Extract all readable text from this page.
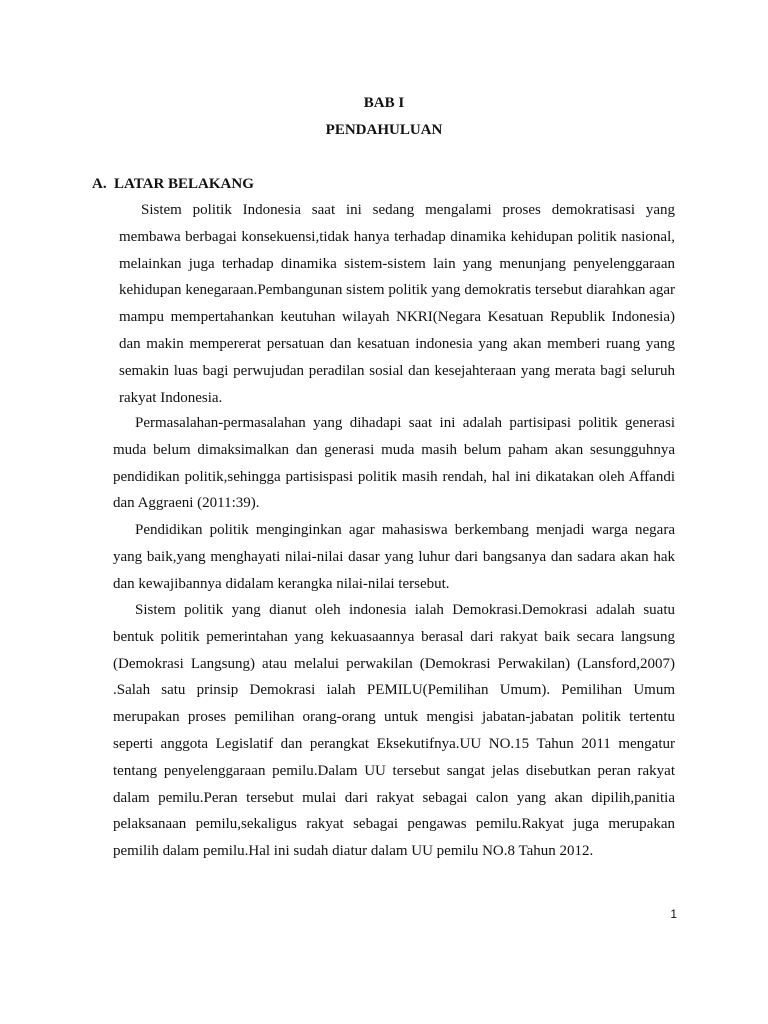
BAB I
PENDAHULUAN
A. LATAR BELAKANG

Sistem politik Indonesia saat ini sedang mengalami proses demokratisasi yang membawa berbagai konsekuensi,tidak hanya terhadap dinamika kehidupan politik nasional, melainkan juga terhadap dinamika sistem-sistem lain yang menunjang penyelenggaraan kehidupan kenegaraan.Pembangunan sistem politik yang demokratis tersebut diarahkan agar mampu mempertahankan keutuhan wilayah NKRI(Negara Kesatuan Republik Indonesia) dan makin mempererat persatuan dan kesatuan indonesia yang akan memberi ruang yang semakin luas bagi perwujudan peradilan sosial dan kesejahteraan yang merata bagi seluruh rakyat Indonesia.

Permasalahan-permasalahan yang dihadapi saat ini adalah partisipasi politik generasi muda belum dimaksimalkan dan generasi muda masih belum paham akan sesungguhnya pendidikan politik,sehingga partisispasi politik masih rendah, hal ini dikatakan oleh Affandi dan Aggraeni (2011:39).

Pendidikan politik menginginkan agar mahasiswa berkembang menjadi warga negara yang baik,yang menghayati nilai-nilai dasar yang luhur dari bangsanya dan sadara akan hak dan kewajibannya didalam kerangka nilai-nilai tersebut.

Sistem politik yang dianut oleh indonesia ialah Demokrasi.Demokrasi adalah suatu bentuk politik pemerintahan yang kekuasaannya berasal dari rakyat baik secara langsung (Demokrasi Langsung) atau melalui perwakilan (Demokrasi Perwakilan) (Lansford,2007) .Salah satu prinsip Demokrasi ialah PEMILU(Pemilihan Umum). Pemilihan Umum merupakan proses pemilihan orang-orang untuk mengisi jabatan-jabatan politik tertentu seperti anggota Legislatif dan perangkat Eksekutifnya.UU NO.15 Tahun 2011 mengatur tentang penyelenggaraan pemilu.Dalam UU tersebut sangat jelas disebutkan peran rakyat dalam pemilu.Peran tersebut mulai dari rakyat sebagai calon yang akan dipilih,panitia pelaksanaan pemilu,sekaligus rakyat sebagai pengawas pemilu.Rakyat juga merupakan pemilih dalam pemilu.Hal ini sudah diatur dalam UU pemilu NO.8 Tahun 2012.

1
